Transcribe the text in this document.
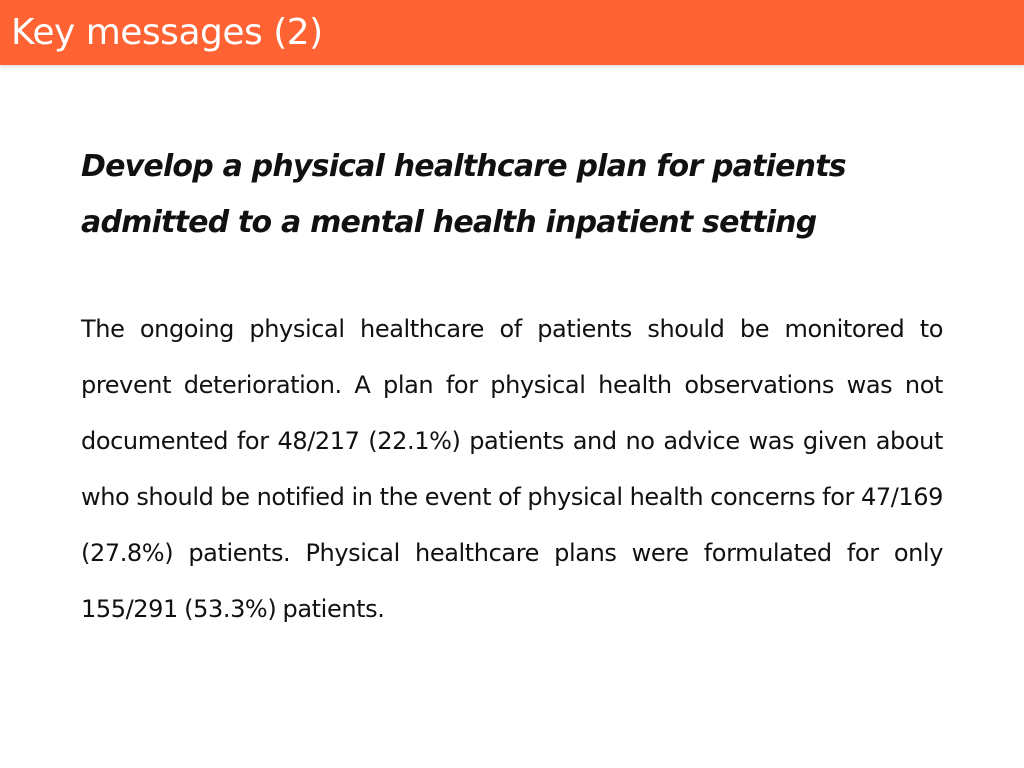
Key messages (2)
Develop a physical healthcare plan for patients admitted to a mental health inpatient setting
The ongoing physical healthcare of patients should be monitored to prevent deterioration. A plan for physical health observations was not documented for 48/217 (22.1%) patients and no advice was given about who should be notified in the event of physical health concerns for 47/169 (27.8%) patients. Physical healthcare plans were formulated for only 155/291 (53.3%) patients.
